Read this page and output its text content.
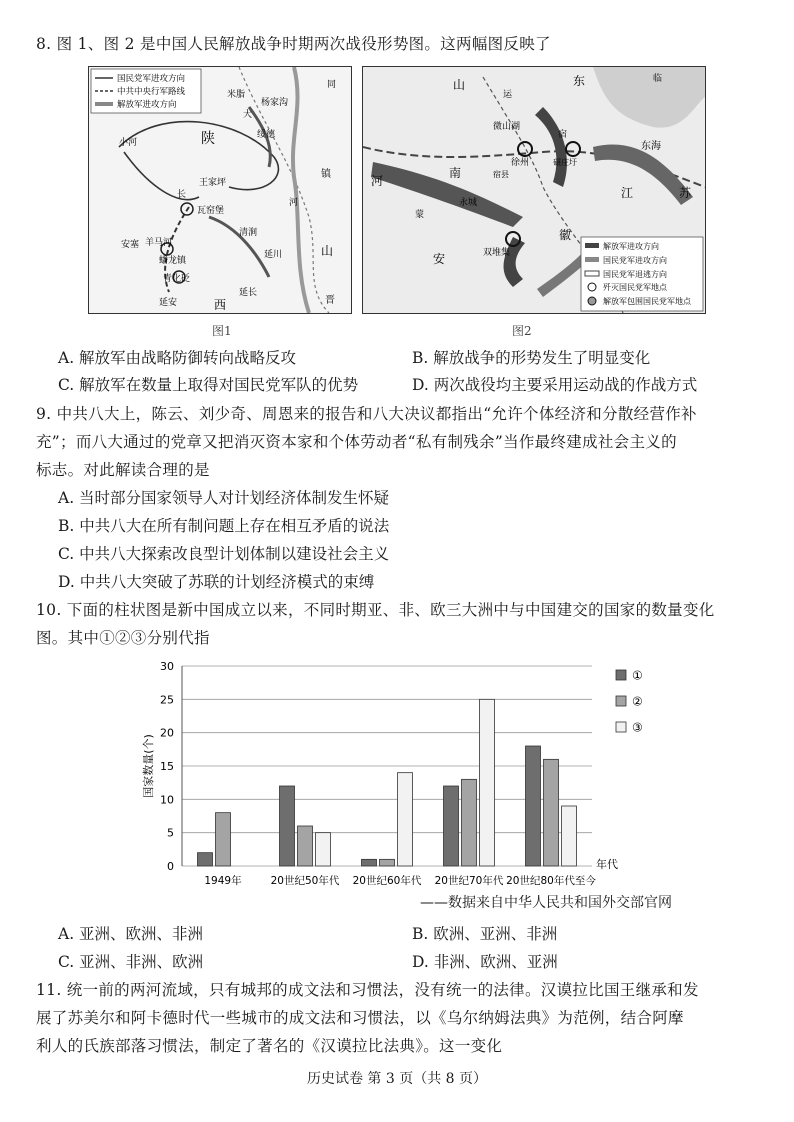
8. 图 1、图 2 是中国人民解放战争时期两次战役形势图。这两幅图反映了
国民党军进攻方向
中共中央行军路线
解放军进攻方向
米脂
杨家沟
大
绥德
小河	陕
王家坪
长
瓦窑堡
清涧
羊马河
安塞
蟠龙镇
青化砭
延川
延安
延长
西
山
镇
河
晋
同
图1
山	东	临
运
微山湖
徐州
宿
东海
江	苏
河
南
永城
双堆集
安
徽
蒙
碾庄圩
宿县
解放军进攻方向
国民党军进攻方向
国民党军退逃方向
歼灭国民党军地点
解放军包围国民党军地点
图2
A. 解放军由战略防御转向战略反攻	B. 解放战争的形势发生了明显变化
C. 解放军在数量上取得对国民党军队的优势	D. 两次战役均主要采用运动战的作战方式
9. 中共八大上，陈云、刘少奇、周恩来的报告和八大决议都指出“允许个体经济和分散经营作补
充”；而八大通过的党章又把消灭资本家和个体劳动者“私有制残余”当作最终建成社会主义的
标志。对此解读合理的是
A. 当时部分国家领导人对计划经济体制发生怀疑
B. 中共八大在所有制问题上存在相互矛盾的说法
C. 中共八大探索改良型计划体制以建设社会主义
D. 中共八大突破了苏联的计划经济模式的束缚
10. 下面的柱状图是新中国成立以来，不同时期亚、非、欧三大洲中与中国建交的国家的数量变化
图。其中①②③分别代指
0
5
10
15
20
25
30
1949年	20世纪50年代 20世纪60年代 20世纪70年代 20世纪80年代至今
年代
①
②
③
国家数量(个)
——数据来自中华人民共和国外交部官网
A. 亚洲、欧洲、非洲	B. 欧洲、亚洲、非洲
C. 亚洲、非洲、欧洲	D. 非洲、欧洲、亚洲
11. 统一前的两河流域，只有城邦的成文法和习惯法，没有统一的法律。汉谟拉比国王继承和发
展了苏美尔和阿卡德时代一些城市的成文法和习惯法，以《乌尔纳姆法典》为范例，结合阿摩
利人的氏族部落习惯法，制定了著名的《汉谟拉比法典》。这一变化
历史试卷 第 3 页（共 8 页）
